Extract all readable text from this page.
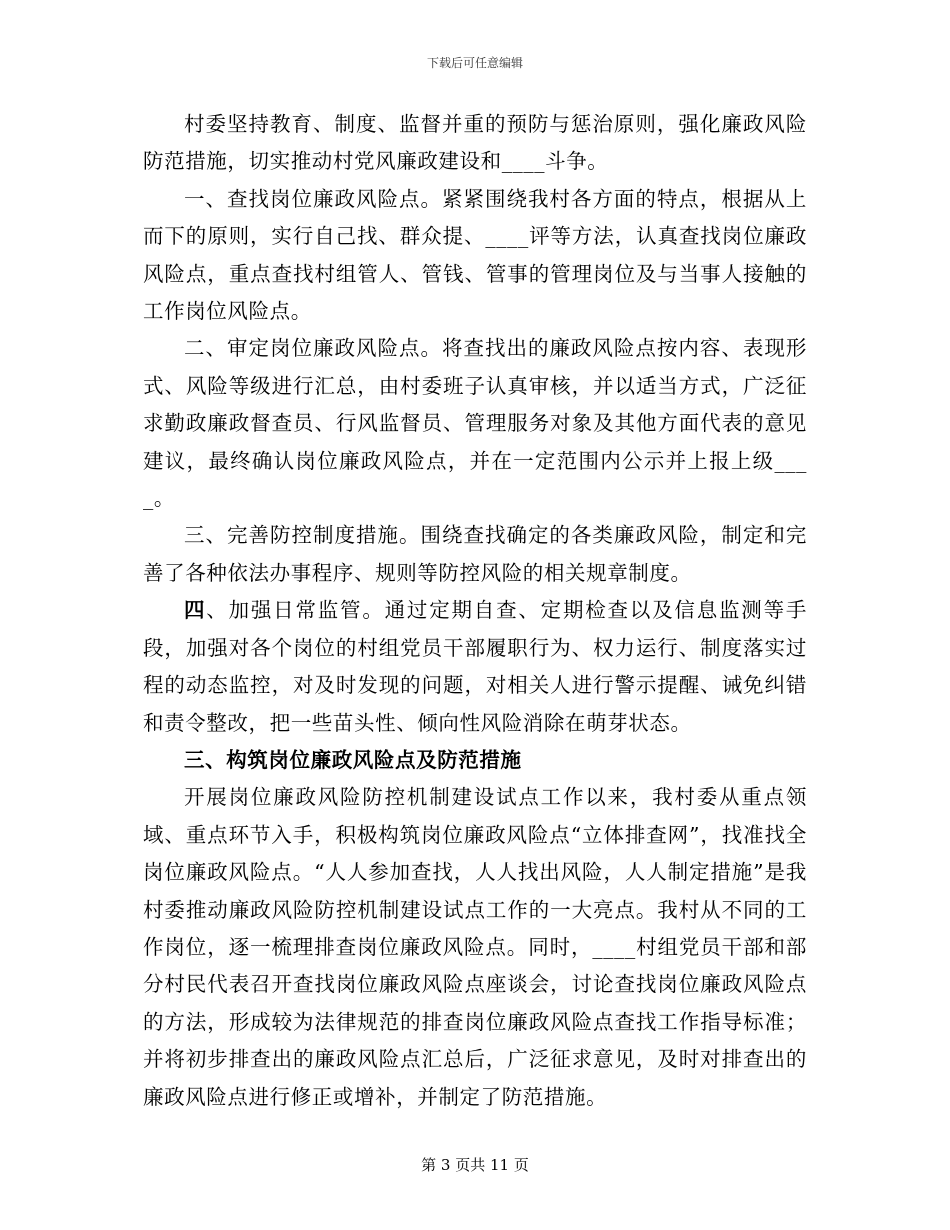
下载后可任意编辑

村委坚持教育、制度、监督并重的预防与惩治原则，强化廉政风险防范措施，切实推动村党风廉政建设和____斗争。

一、查找岗位廉政风险点。紧紧围绕我村各方面的特点，根据从上而下的原则，实行自己找、群众提、____评等方法，认真查找岗位廉政风险点，重点查找村组管人、管钱、管事的管理岗位及与当事人接触的工作岗位风险点。

二、审定岗位廉政风险点。将查找出的廉政风险点按内容、表现形式、风险等级进行汇总，由村委班子认真审核，并以适当方式，广泛征求勤政廉政督查员、行风监督员、管理服务对象及其他方面代表的意见建议，最终确认岗位廉政风险点，并在一定范围内公示并上报上级____。

三、完善防控制度措施。围绕查找确定的各类廉政风险，制定和完善了各种依法办事程序、规则等防控风险的相关规章制度。

四、加强日常监管。通过定期自查、定期检查以及信息监测等手段，加强对各个岗位的村组党员干部履职行为、权力运行、制度落实过程的动态监控，对及时发现的问题，对相关人进行警示提醒、诫免纠错和责令整改，把一些苗头性、倾向性风险消除在萌芽状态。

三、构筑岗位廉政风险点及防范措施

开展岗位廉政风险防控机制建设试点工作以来，我村委从重点领域、重点环节入手，积极构筑岗位廉政风险点“立体排查网”，找准找全岗位廉政风险点。“人人参加查找，人人找出风险，人人制定措施”是我村委推动廉政风险防控机制建设试点工作的一大亮点。我村从不同的工作岗位，逐一梳理排查岗位廉政风险点。同时，____村组党员干部和部分村民代表召开查找岗位廉政风险点座谈会，讨论查找岗位廉政风险点的方法，形成较为法律规范的排查岗位廉政风险点查找工作指导标准；并将初步排查出的廉政风险点汇总后，广泛征求意见，及时对排查出的廉政风险点进行修正或增补，并制定了防范措施。

第 3 页共 11 页
